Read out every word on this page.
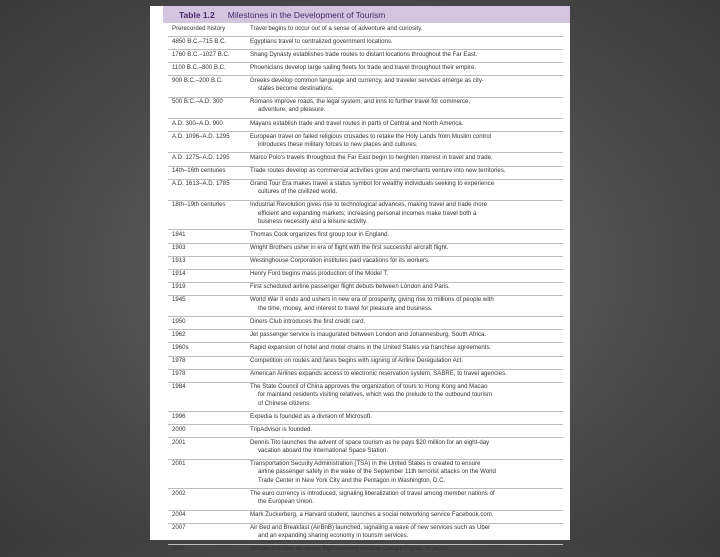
Table 1.2 Milestones in the Development of Tourism
Prerecorded history	Travel begins to occur out of a sense of adventure and curiosity.
4850 B.C.–715 B.C.	Egyptians travel to centralized government locations.
1760 B.C.–1027 B.C.	Shang Dynasty establishes trade routes to distant locations throughout the Far East.
1100 B.C.–800 B.C.	Phoenicians develop large sailing fleets for trade and travel throughout their empire.
900 B.C.–200 B.C.	Greeks develop common language and currency, and traveler services emerge as city-
states become destinations.
500 B.C.–A.D. 300	Romans improve roads, the legal system, and inns to further travel for commerce,
adventure, and pleasure.
A.D. 300–A.D. 900	Mayans establish trade and travel routes in parts of Central and North America.
A.D. 1096–A.D. 1295	European travel on failed religious crusades to retake the Holy Lands from Muslim control
introduces these military forces to new places and cultures.
A.D. 1275–A.D. 1295	Marco Polo's travels throughout the Far East begin to heighten interest in travel and trade.
14th–16th centuries	Trade routes develop as commercial activities grow and merchants venture into new territories.
A.D. 1613–A.D. 1785	Grand Tour Era makes travel a status symbol for wealthy individuals seeking to experience
cultures of the civilized world.
18th–19th centuries	Industrial Revolution gives rise to technological advances, making travel and trade more
efficient and expanding markets; increasing personal incomes make travel both a
business necessity and a leisure activity.
1841	Thomas Cook organizes first group tour in England.
1903	Wright Brothers usher in era of flight with the first successful aircraft flight.
1913	Westinghouse Corporation institutes paid vacations for its workers.
1914	Henry Ford begins mass production of the Model T.
1919	First scheduled airline passenger flight debuts between London and Paris.
1945	World War II ends and ushers in new era of prosperity, giving rise to millions of people with
the time, money, and interest to travel for pleasure and business.
1950	Diners Club introduces the first credit card.
1962	Jet passenger service is inaugurated between London and Johannesburg, South Africa.
1960s	Rapid expansion of hotel and motel chains in the United States via franchise agreements.
1978	Competition on routes and fares begins with signing of Airline Deregulation Act.
1978	American Airlines expands access to electronic reservation system, SABRE, to travel agencies.
1984	The State Council of China approves the organization of tours to Hong Kong and Macao
for mainland residents visiting relatives, which was the prelude to the outbound tourism
of Chinese citizens.
1996	Expedia is founded as a division of Microsoft.
2000	TripAdvisor is founded.
2001	Dennis Tito launches the advent of space tourism as he pays $20 million for an eight-day
vacation aboard the International Space Station.
2001	Transportation Security Administration (TSA) in the United States is created to ensure
airline passenger safety in the wake of the September 11th terrorist attacks on the World
Trade Center in New York City and the Pentagon in Washington, D.C.
2002	The euro currency is introduced, signaling liberalization of travel among member nations of
the European Union.
2004	Mark Zuckerberg, a Harvard student, launches a social networking service Facebook.com.
2007	Air Bed and Breakfast (AirBnB) launched, signaling a wave of new services such as Uber
and an expanding sharing economy in tourism services.
2011	Google provides an online flight-booking service, Google Flights, to public.
